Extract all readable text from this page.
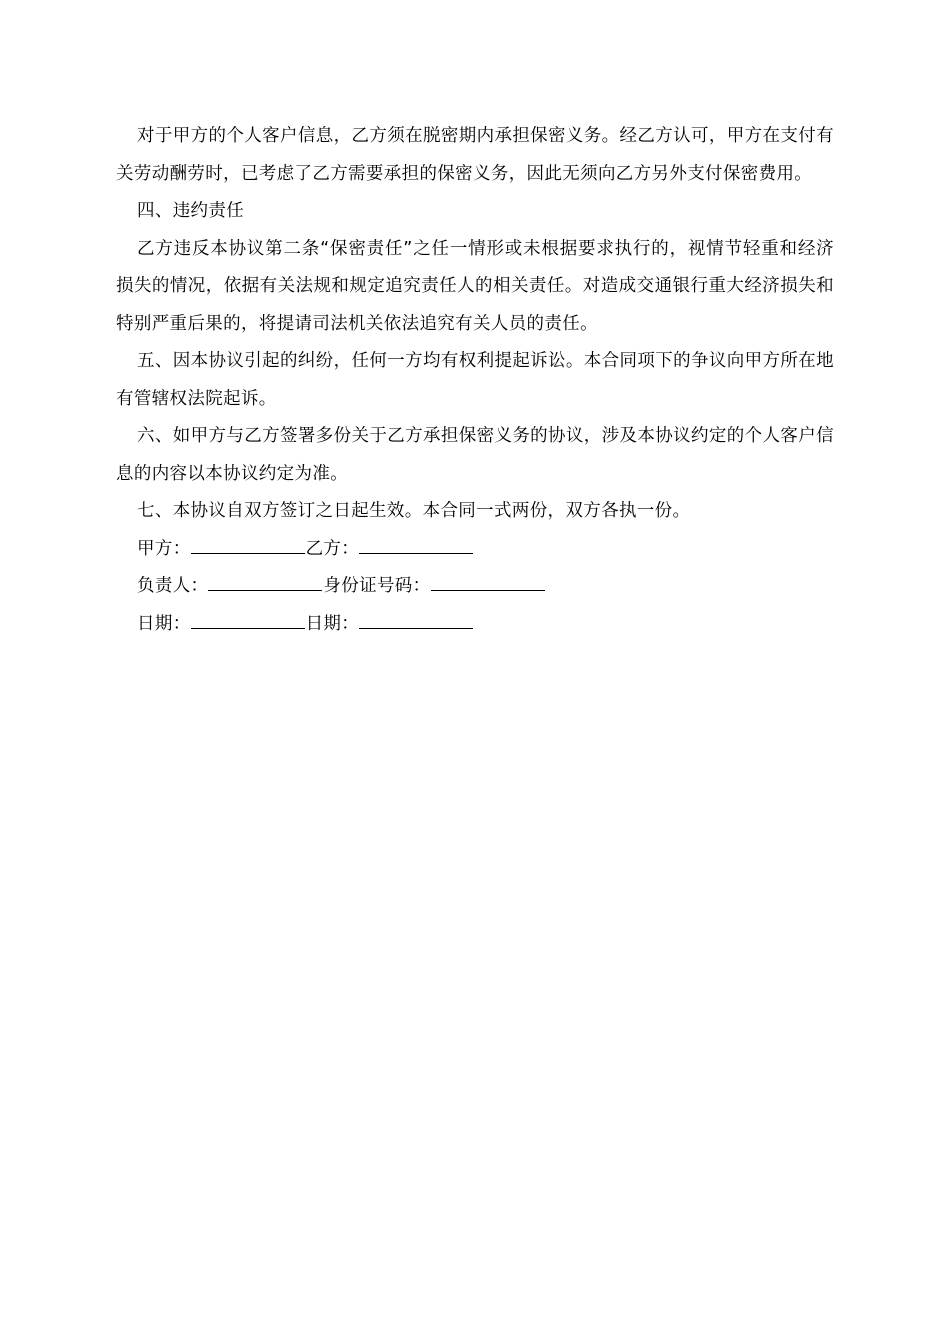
对于甲方的个人客户信息，乙方须在脱密期内承担保密义务。经乙方认可，甲方在支付有关劳动酬劳时，已考虑了乙方需要承担的保密义务，因此无须向乙方另外支付保密费用。

四、违约责任

乙方违反本协议第二条“保密责任”之任一情形或未根据要求执行的，视情节轻重和经济损失的情况，依据有关法规和规定追究责任人的相关责任。对造成交通银行重大经济损失和特别严重后果的，将提请司法机关依法追究有关人员的责任。

五、因本协议引起的纠纷，任何一方均有权利提起诉讼。本合同项下的争议向甲方所在地有管辖权法院起诉。

六、如甲方与乙方签署多份关于乙方承担保密义务的协议，涉及本协议约定的个人客户信息的内容以本协议约定为准。

七、本协议自双方签订之日起生效。本合同一式两份，双方各执一份。

甲方：	乙方：
负责人：	身份证号码：
日期：	日期：
